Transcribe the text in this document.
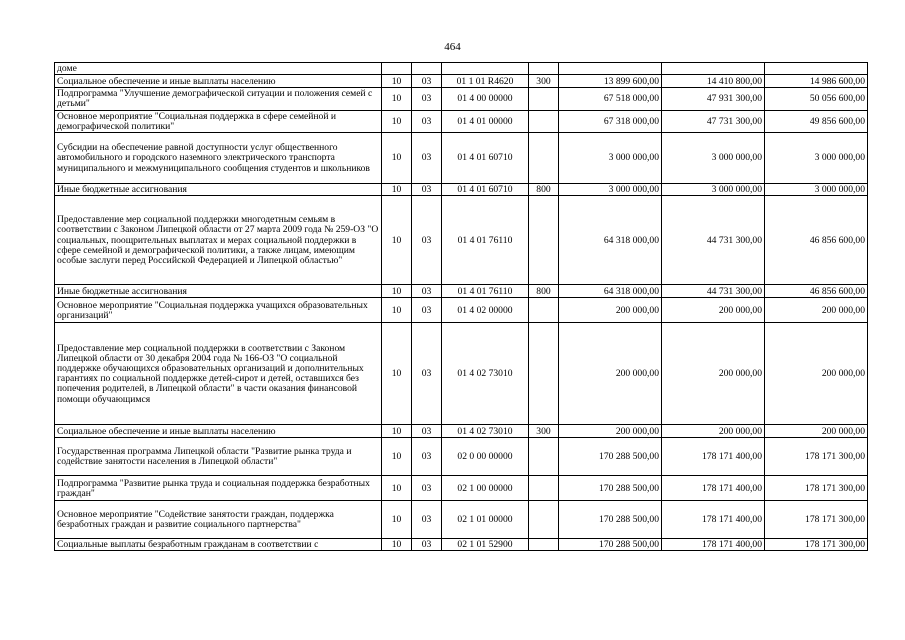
464
доме							
Социальное обеспечение и иные выплаты населению	10	03	01 1 01 R4620	300	13 899 600,00	14 410 800,00	14 986 600,00
Подпрограмма "Улучшение демографической ситуации и положения семей с детьми"	10	03	01 4 00 00000		67 518 000,00	47 931 300,00	50 056 600,00
Основное мероприятие "Социальная поддержка в сфере семейной и демографической политики"	10	03	01 4 01 00000		67 318 000,00	47 731 300,00	49 856 600,00
Субсидии на обеспечение равной доступности услуг общественного автомобильного и городского наземного электрического транспорта муниципального и межмуниципального сообщения студентов и школьников	10	03	01 4 01 60710		3 000 000,00	3 000 000,00	3 000 000,00
Иные бюджетные ассигнования	10	03	01 4 01 60710	800	3 000 000,00	3 000 000,00	3 000 000,00
Предоставление мер социальной поддержки многодетным семьям в соответствии с Законом Липецкой области от 27 марта 2009 года № 259-ОЗ "О социальных, поощрительных выплатах и мерах социальной поддержки в сфере семейной и демографической политики, а также лицам, имеющим особые заслуги перед Российской Федерацией и Липецкой областью"	10	03	01 4 01 76110		64 318 000,00	44 731 300,00	46 856 600,00
Иные бюджетные ассигнования	10	03	01 4 01 76110	800	64 318 000,00	44 731 300,00	46 856 600,00
Основное мероприятие "Социальная поддержка учащихся образовательных организаций"	10	03	01 4 02 00000		200 000,00	200 000,00	200 000,00
Предоставление мер социальной поддержки в соответствии с Законом Липецкой области от 30 декабря 2004 года № 166-ОЗ "О социальной поддержке обучающихся образовательных организаций и дополнительных гарантиях по социальной поддержке детей-сирот и детей, оставшихся без попечения родителей, в Липецкой области" в части оказания финансовой помощи обучающимся	10	03	01 4 02 73010		200 000,00	200 000,00	200 000,00
Социальное обеспечение и иные выплаты населению	10	03	01 4 02 73010	300	200 000,00	200 000,00	200 000,00
Государственная программа Липецкой области "Развитие рынка труда и содействие занятости населения в Липецкой области"	10	03	02 0 00 00000		170 288 500,00	178 171 400,00	178 171 300,00
Подпрограмма "Развитие рынка труда и социальная поддержка безработных граждан"	10	03	02 1 00 00000		170 288 500,00	178 171 400,00	178 171 300,00
Основное мероприятие "Содействие занятости граждан, поддержка безработных граждан и развитие социального партнерства"	10	03	02 1 01 00000		170 288 500,00	178 171 400,00	178 171 300,00
Социальные выплаты безработным гражданам в соответствии с	10	03	02 1 01 52900		170 288 500,00	178 171 400,00	178 171 300,00
